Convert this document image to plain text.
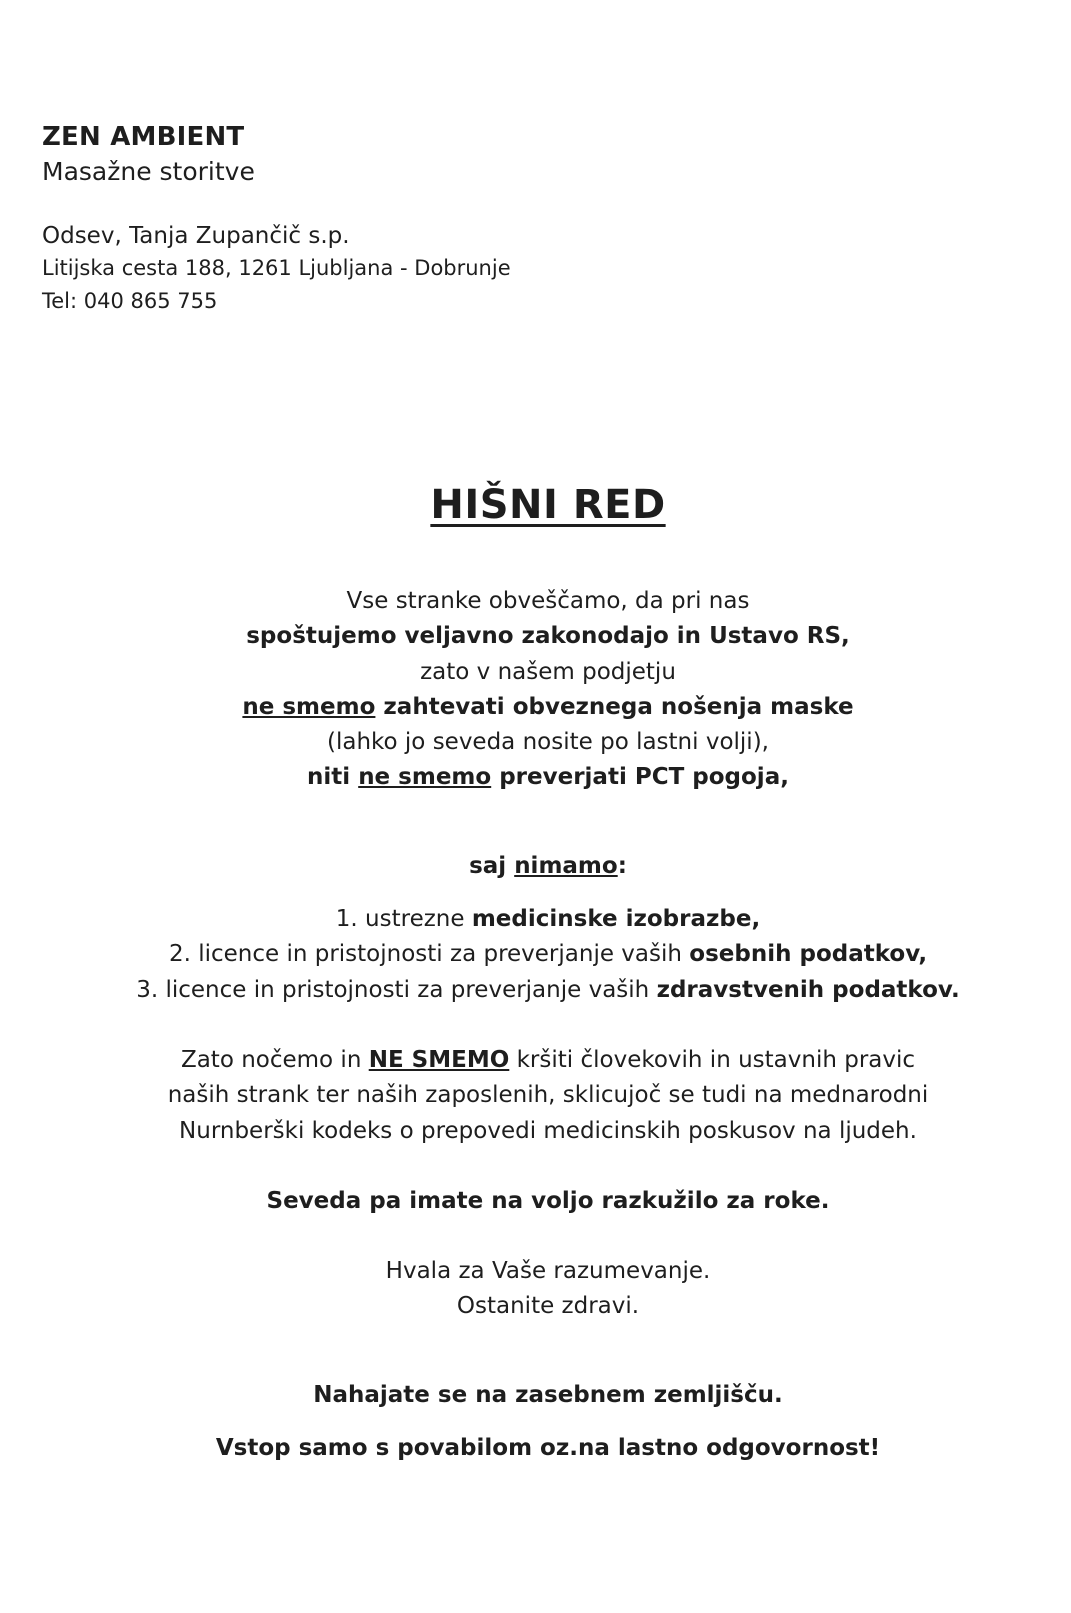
ZEN AMBIENT
Masažne storitve
Odsev, Tanja Zupančič s.p.
Litijska cesta 188, 1261 Ljubljana - Dobrunje
Tel: 040 865 755
HIŠNI RED
Vse stranke obveščamo, da pri nas
spoštujemo veljavno zakonodajo in Ustavo RS,
zato v našem podjetju
ne smemo zahtevati obveznega nošenja maske
(lahko jo seveda nosite po lastni volji),
niti ne smemo preverjati PCT pogoja,
saj nimamo:
1. ustrezne medicinske izobrazbe,
2. licence in pristojnosti za preverjanje vaših osebnih podatkov,
3. licence in pristojnosti za preverjanje vaših zdravstvenih podatkov.
Zato nočemo in NE SMEMO kršiti človekovih in ustavnih pravic
naših strank ter naših zaposlenih, sklicujoč se tudi na mednarodni
Nurnberški kodeks o prepovedi medicinskih poskusov na ljudeh.
Seveda pa imate na voljo razkužilo za roke.
Hvala za Vaše razumevanje.
Ostanite zdravi.
Nahajate se na zasebnem zemljišču.
Vstop samo s povabilom oz.na lastno odgovornost!
